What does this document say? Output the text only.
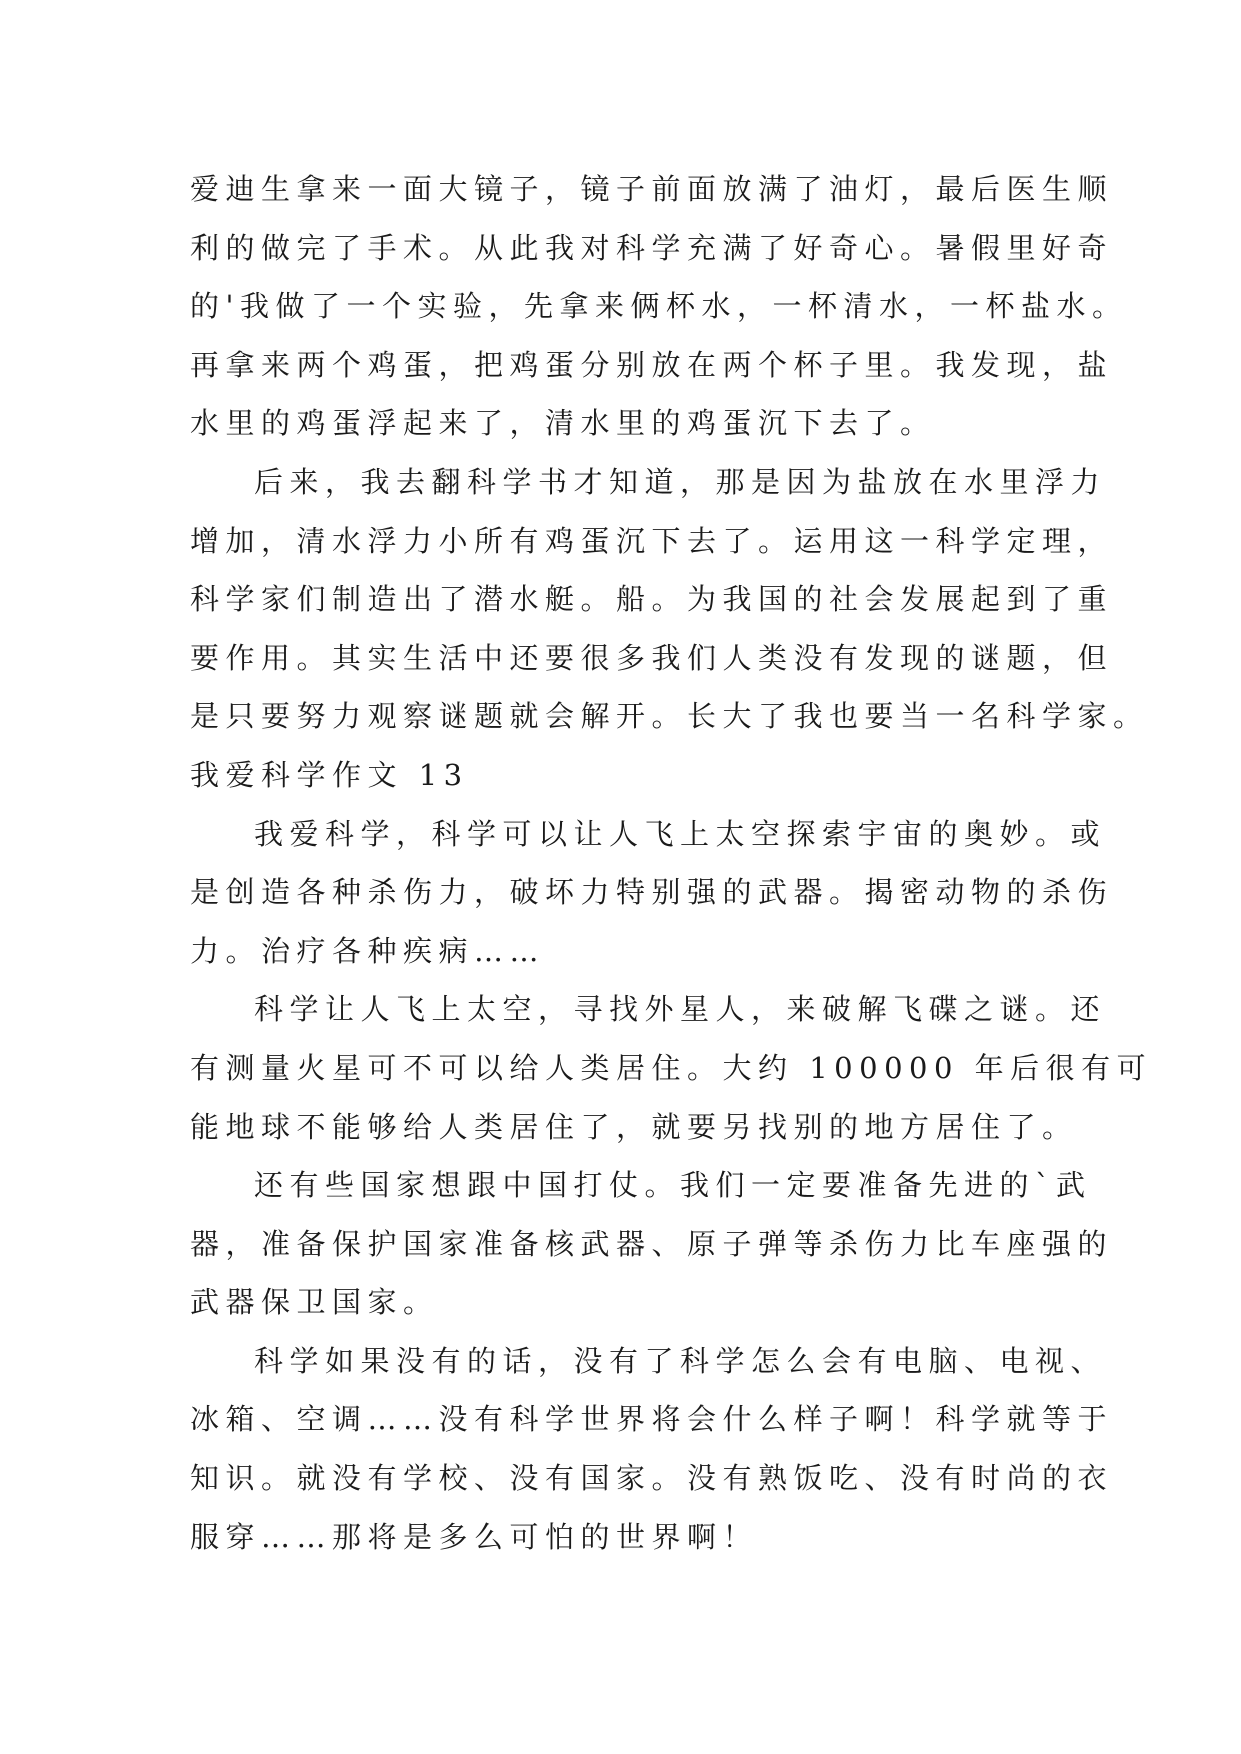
爱迪生拿来一面大镜子，镜子前面放满了油灯，最后医生顺
利的做完了手术。从此我对科学充满了好奇心。暑假里好奇
的'我做了一个实验，先拿来俩杯水，一杯清水，一杯盐水。
再拿来两个鸡蛋，把鸡蛋分别放在两个杯子里。我发现，盐
水里的鸡蛋浮起来了，清水里的鸡蛋沉下去了。
后来，我去翻科学书才知道，那是因为盐放在水里浮力
增加，清水浮力小所有鸡蛋沉下去了。运用这一科学定理，
科学家们制造出了潜水艇。船。为我国的社会发展起到了重
要作用。其实生活中还要很多我们人类没有发现的谜题，但
是只要努力观察谜题就会解开。长大了我也要当一名科学家。
我爱科学作文 13
我爱科学，科学可以让人飞上太空探索宇宙的奥妙。或
是创造各种杀伤力，破坏力特别强的武器。揭密动物的杀伤
力。治疗各种疾病……
科学让人飞上太空，寻找外星人，来破解飞碟之谜。还
有测量火星可不可以给人类居住。大约 100000 年后很有可
能地球不能够给人类居住了，就要另找别的地方居住了。
还有些国家想跟中国打仗。我们一定要准备先进的`武
器，准备保护国家准备核武器、原子弹等杀伤力比车座强的
武器保卫国家。
科学如果没有的话，没有了科学怎么会有电脑、电视、
冰箱、空调……没有科学世界将会什么样子啊！科学就等于
知识。就没有学校、没有国家。没有熟饭吃、没有时尚的衣
服穿……那将是多么可怕的世界啊！
